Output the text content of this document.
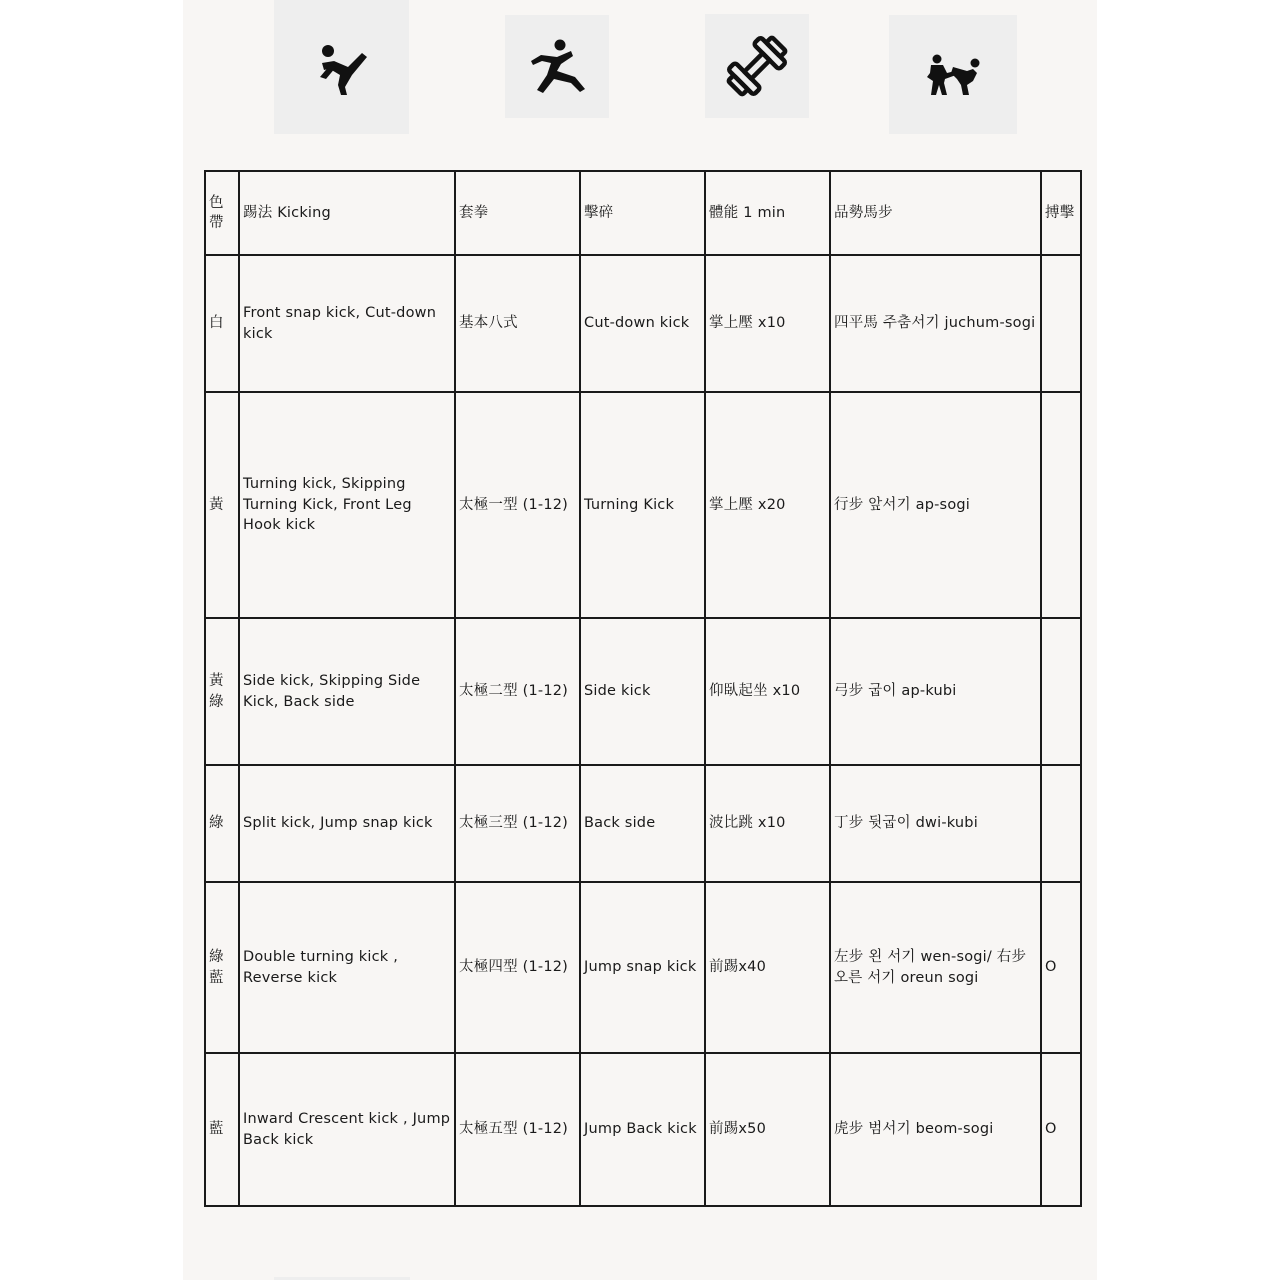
色帶	踢法 Kicking	套拳	擊碎	體能 1 min	品勢馬步	搏擊
白	Front snap kick, Cut-down kick	基本八式	Cut-down kick	掌上壓 x10	四平馬 주춤서기 juchum-sogi	
黃	Turning kick, Skipping Turning Kick, Front Leg Hook kick	太極一型 (1-12)	Turning Kick	掌上壓 x20	行步 앞서기 ap-sogi	
黃綠	Side kick, Skipping Side Kick, Back side	太極二型 (1-12)	Side kick	仰臥起坐 x10	弓步 굽이 ap-kubi	
綠	Split kick, Jump snap kick	太極三型 (1-12)	Back side	波比跳 x10	丁步 뒷굽이 dwi-kubi	
綠藍	Double turning kick , Reverse kick	太極四型 (1-12)	Jump snap kick	前踢x40	左步 왼 서기 wen-sogi/ 右步 오른 서기 oreun sogi	O
藍	Inward Crescent kick , Jump Back kick	太極五型 (1-12)	Jump Back kick	前踢x50	虎步 범서기 beom-sogi	O
